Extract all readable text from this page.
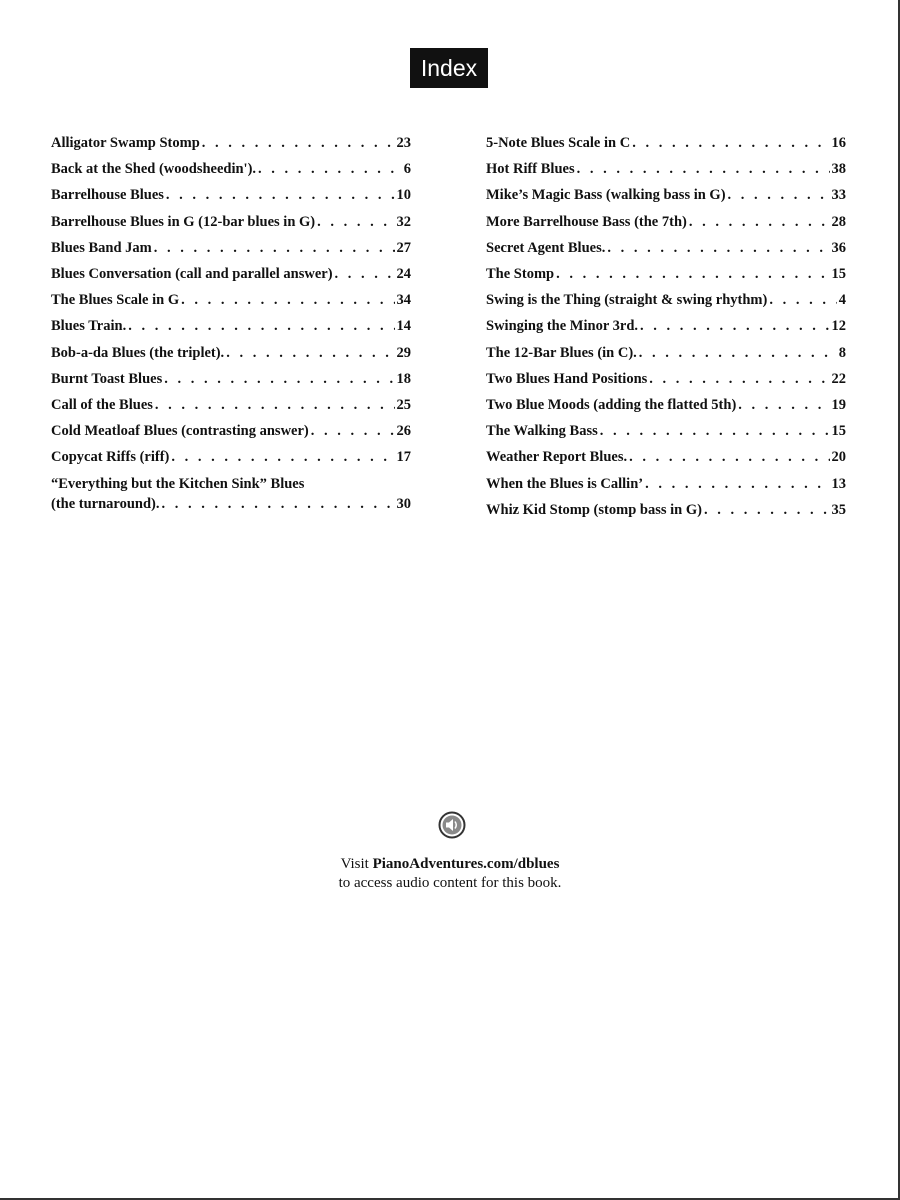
Index
Alligator Swamp Stomp . . .	23
Back at the Shed (woodsheedin'). . . .	6
Barrelhouse Blues . . .	10
Barrelhouse Blues in G (12-bar blues in G) . . .	32
Blues Band Jam . . .	27
Blues Conversation (call and parallel answer) . . .	24
The Blues Scale in G . . .	34
Blues Train. . . .	14
Bob-a-da Blues (the triplet). . . .	29
Burnt Toast Blues . . .	18
Call of the Blues . . .	25
Cold Meatloaf Blues (contrasting answer) . . .	26
Copycat Riffs (riff) . . .	17
“Everything but the Kitchen Sink” Blues
(the turnaround). . . .	30
5-Note Blues Scale in C . . .	16
Hot Riff Blues . . .	38
Mike’s Magic Bass (walking bass in G) . . .	33
More Barrelhouse Bass (the 7th) . . .	28
Secret Agent Blues. . . .	36
The Stomp . . .	15
Swing is the Thing (straight & swing rhythm) . . .	4
Swinging the Minor 3rd. . . .	12
The 12-Bar Blues (in C). . . .	8
Two Blues Hand Positions . . .	22
Two Blue Moods (adding the flatted 5th) . . .	19
The Walking Bass . . .	15
Weather Report Blues. . . .	20
When the Blues is Callin’ . . .	13
Whiz Kid Stomp (stomp bass in G) . . .	35
Visit PianoAdventures.com/dblues
to access audio content for this book.
